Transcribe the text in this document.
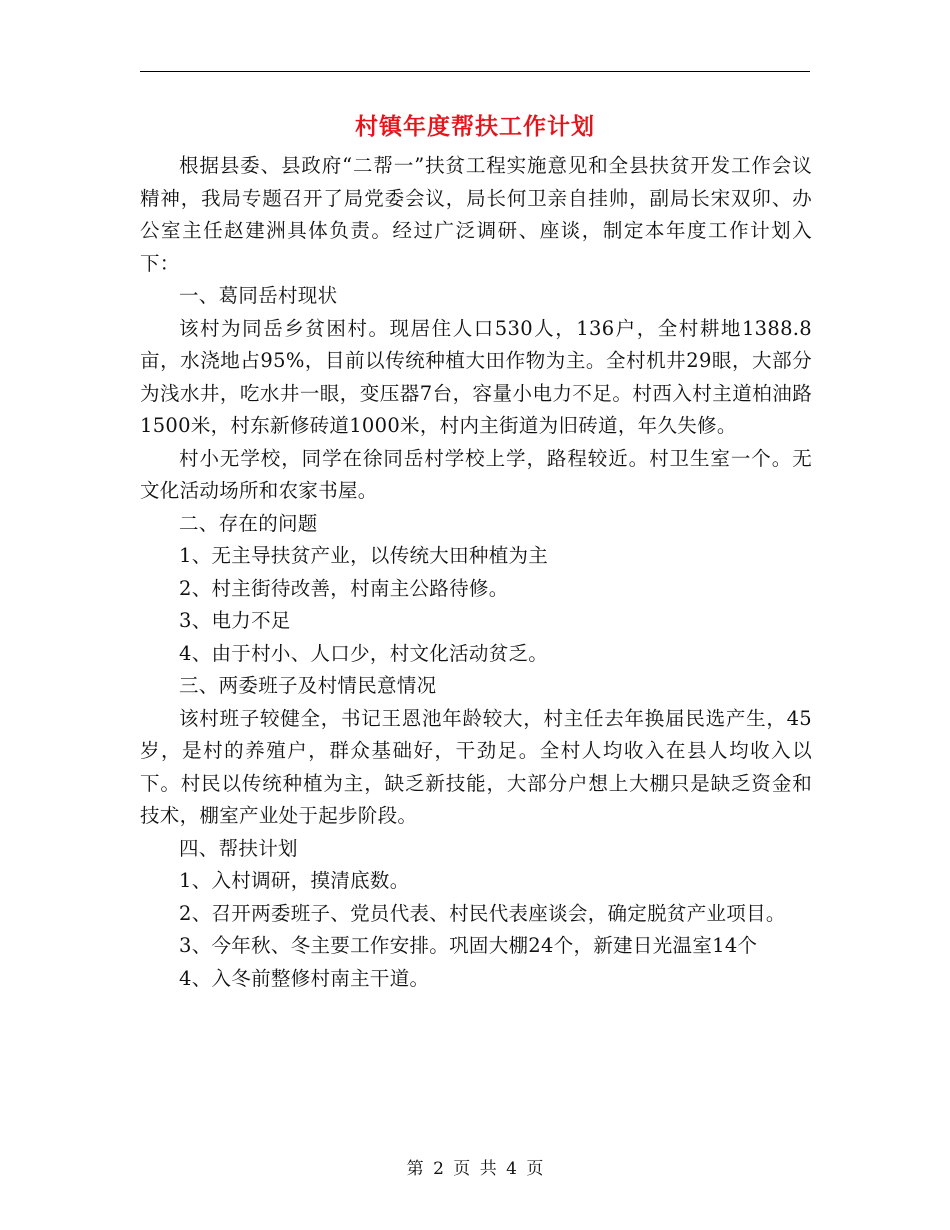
村镇年度帮扶工作计划

根据县委、县政府“二帮一”扶贫工程实施意见和全县扶贫开发工作会议精神，我局专题召开了局党委会议，局长何卫亲自挂帅，副局长宋双卯、办公室主任赵建洲具体负责。经过广泛调研、座谈，制定本年度工作计划入下：

一、葛同岳村现状

该村为同岳乡贫困村。现居住人口530人，136户，全村耕地1388.8亩，水浇地占95%，目前以传统种植大田作物为主。全村机井29眼，大部分为浅水井，吃水井一眼，变压器7台，容量小电力不足。村西入村主道柏油路1500米，村东新修砖道1000米，村内主街道为旧砖道，年久失修。

村小无学校，同学在徐同岳村学校上学，路程较近。村卫生室一个。无文化活动场所和农家书屋。

二、存在的问题

1、无主导扶贫产业，以传统大田种植为主

2、村主街待改善，村南主公路待修。

3、电力不足

4、由于村小、人口少，村文化活动贫乏。

三、两委班子及村情民意情况

该村班子较健全，书记王恩池年龄较大，村主任去年换届民选产生，45岁，是村的养殖户，群众基础好，干劲足。全村人均收入在县人均收入以下。村民以传统种植为主，缺乏新技能，大部分户想上大棚只是缺乏资金和技术，棚室产业处于起步阶段。

四、帮扶计划

1、入村调研，摸清底数。

2、召开两委班子、党员代表、村民代表座谈会，确定脱贫产业项目。

3、今年秋、冬主要工作安排。巩固大棚24个，新建日光温室14个

4、入冬前整修村南主干道。

第 2 页 共 4 页
